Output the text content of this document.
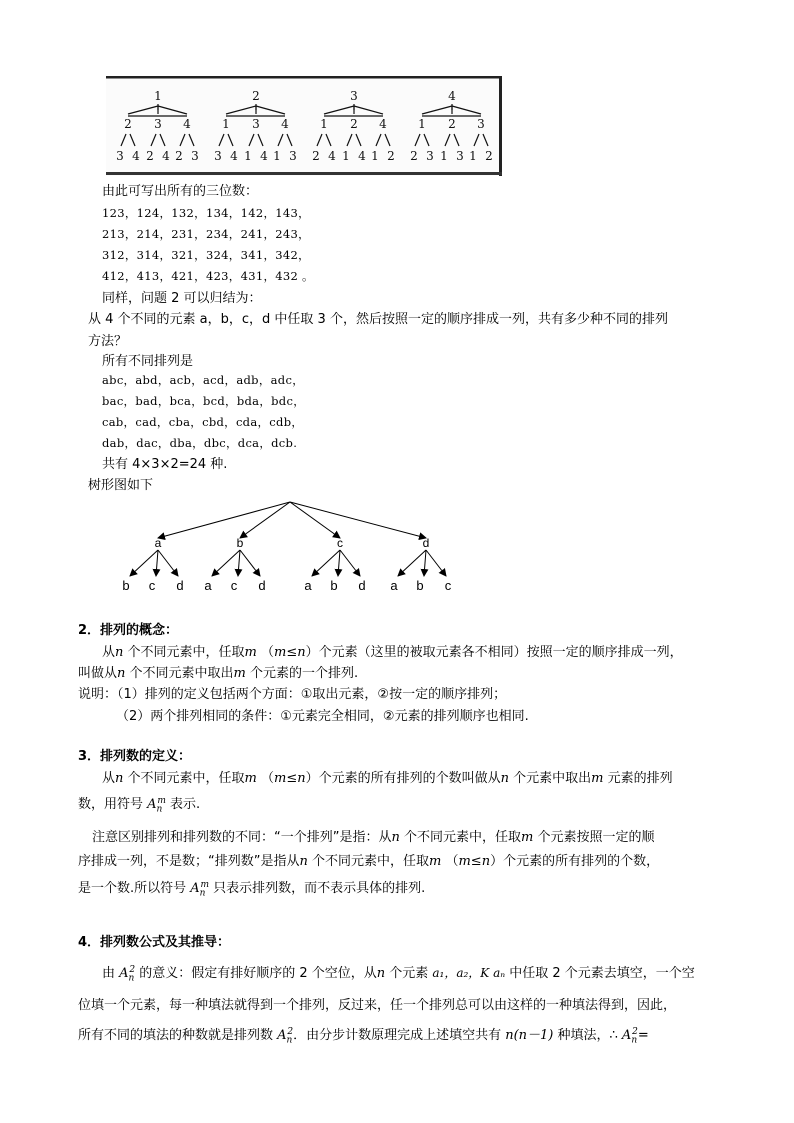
1
2
3 4
3
2 4
4
2 3
2
1
3 4
3
1 4
4
1 3
3
1
2 4
2
1 4
4
1 2
4
1
2 3
2
1 3
3
1 2
由此可写出所有的三位数：
123，124，132，134，142，143，
213，214，231，234，241，243，
312，314，321，324，341，342，
412，413，421，423，431，432 。
同样，问题 2 可以归结为：
从 4 个不同的元素 a，b，c，d 中任取 3 个，然后按照一定的顺序排成一列，共有多少种不同的排列
方法？
所有不同排列是
abc，abd，acb，acd，adb，adc，
bac，bad，bca，bcd，bda，bdc，
cab，cad，cba，cbd，cda，cdb，
dab，dac，dba，dbc，dca，dcb.
共有 4×3×2=24 种.
树形图如下
a
b c d
b
a c d
c
a b d
d
a b c
2．排列的概念：
从n 个不同元素中，任取m （m≤n）个元素（这里的被取元素各不相同）按照一定的顺序排成一列，
叫做从n 个不同元素中取出m 个元素的一个排列.
说明：（1）排列的定义包括两个方面：①取出元素，②按一定的顺序排列；
（2）两个排列相同的条件：①元素完全相同，②元素的排列顺序也相同.
3．排列数的定义：
从n 个不同元素中，任取m （m≤n）个元素的所有排列的个数叫做从n 个元素中取出m 元素的排列
数，用符号 $A_n^m$ 表示.
注意区别排列和排列数的不同：“一个排列”是指：从n 个不同元素中，任取m 个元素按照一定的顺
序排成一列，不是数；“排列数”是指从n 个不同元素中，任取m （m≤n）个元素的所有排列的个数，
是一个数.所以符号 $A_n^m$ 只表示排列数，而不表示具体的排列.
4．排列数公式及其推导：
由 $A_n^2$ 的意义：假定有排好顺序的 2 个空位，从n 个元素 a₁，a₂，K aₙ 中任取 2 个元素去填空，一个空
位填一个元素，每一种填法就得到一个排列，反过来，任一个排列总可以由这样的一种填法得到，因此，
所有不同的填法的种数就是排列数 $A_n^2$．由分步计数原理完成上述填空共有 n(n－1) 种填法，∴ $A_n^2=$
